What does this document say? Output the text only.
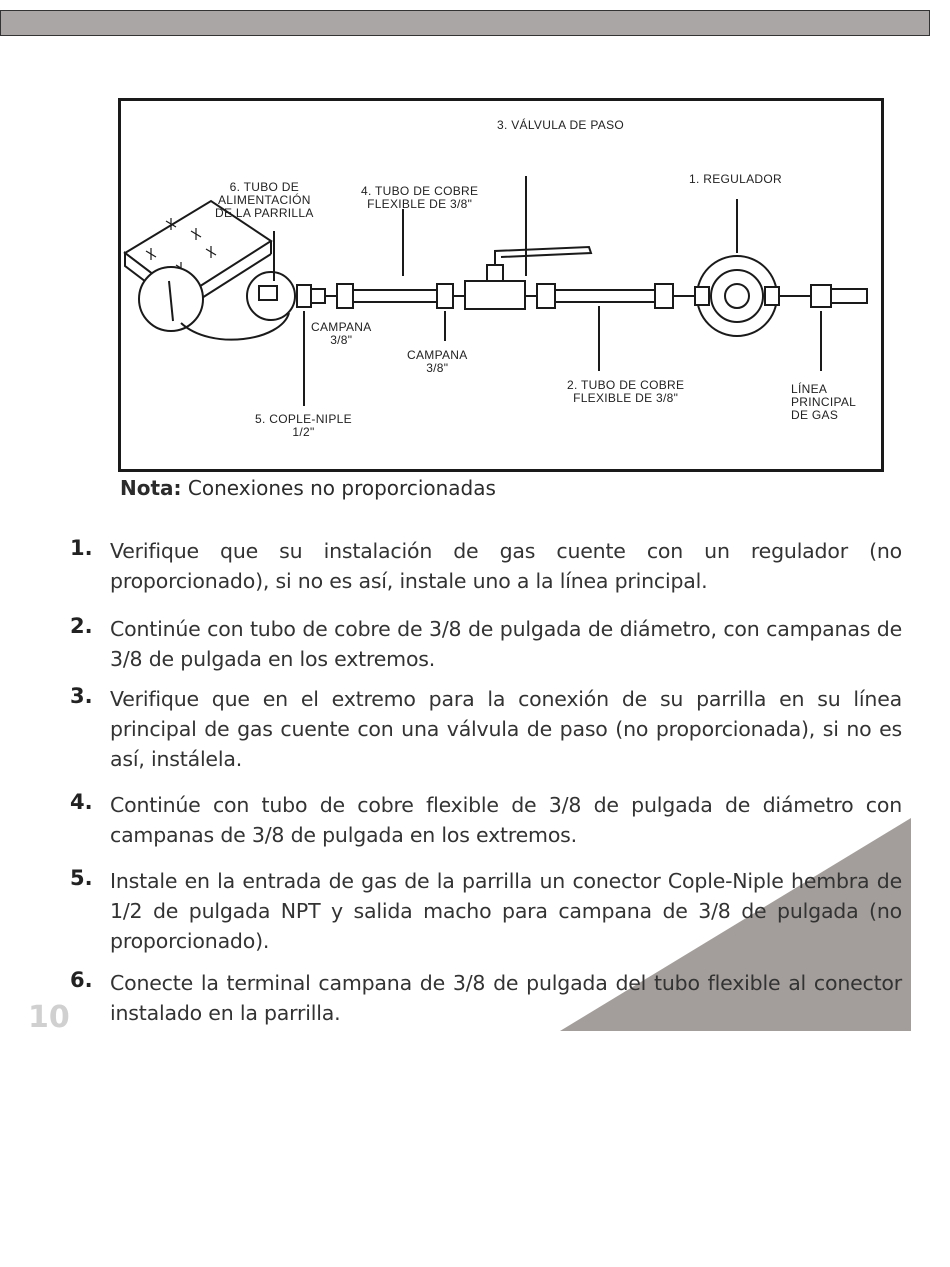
3. VÁLVULA DE PASO
1. REGULADOR
6. TUBO DE
ALIMENTACIÓN
DE LA PARRILLA
4. TUBO DE COBRE
FLEXIBLE DE 3/8"
CAMPANA
3/8"
CAMPANA
3/8"
2. TUBO DE COBRE
FLEXIBLE DE 3/8"
LÍNEA
PRINCIPAL
DE GAS
5. COPLE-NIPLE
1/2"
Nota: Conexiones no proporcionadas
1. Verifique que su instalación de gas cuente con un regulador (no proporcionado), si no es así, instale uno a la línea principal.
2. Continúe con tubo de cobre de 3/8 de pulgada de diámetro, con campanas de 3/8 de pulgada en los extremos.
3. Verifique que en el extremo para la conexión de su parrilla en su línea principal de gas cuente con una válvula de paso (no proporcionada), si no es así, instálela.
4. Continúe con tubo de cobre flexible de 3/8 de pulgada de diámetro con campanas de 3/8 de pulgada en los extremos.
5. Instale en la entrada de gas de la parrilla un conector Cople-Niple hembra de 1/2 de pulgada NPT y salida macho para campana de 3/8 de pulgada (no proporcionado).
6. Conecte la terminal campana de 3/8 de pulgada del tubo flexible al conector instalado en la parrilla.
10
